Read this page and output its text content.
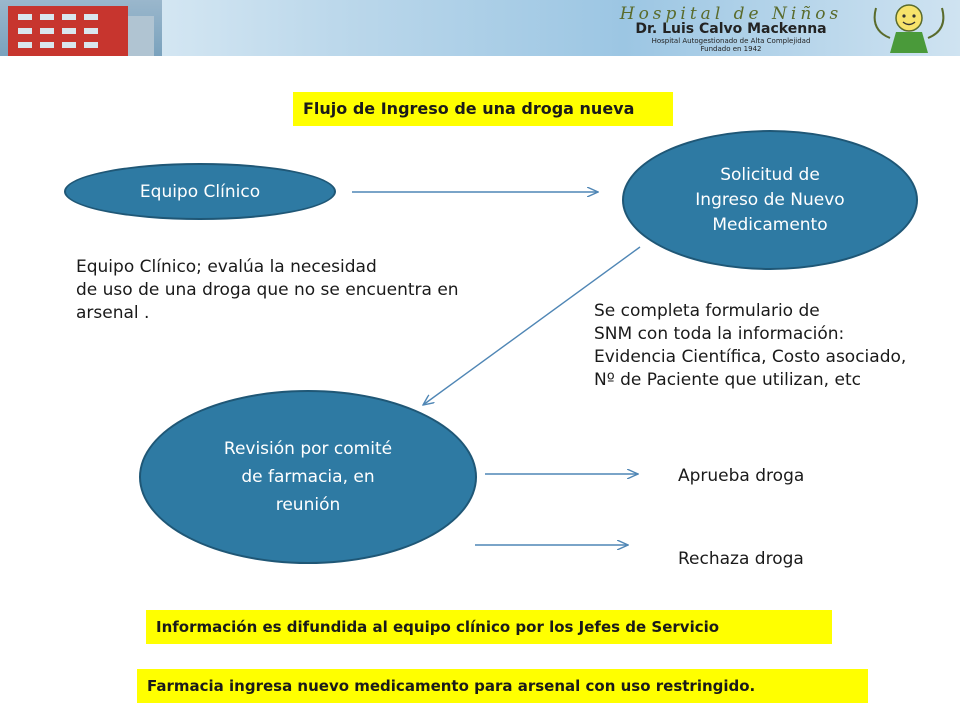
Hospital de Niños
Dr. Luis Calvo Mackenna
Hospital Autogestionado de Alta Complejidad
Fundado en 1942
Flujo de Ingreso de una droga nueva
Equipo Clínico
Solicitud de
Ingreso de Nuevo
Medicamento
Revisión por comité
de farmacia, en
reunión
Equipo Clínico; evalúa la necesidad
de uso de una droga que no se encuentra en
arsenal .	Se completa formulario de
SNM con toda la información:
Evidencia Científica, Costo asociado,
Nº de Paciente que utilizan, etc
Aprueba droga
Rechaza droga
Información es difundida al equipo clínico por los Jefes de Servicio
Farmacia ingresa nuevo medicamento para arsenal con uso restringido.
